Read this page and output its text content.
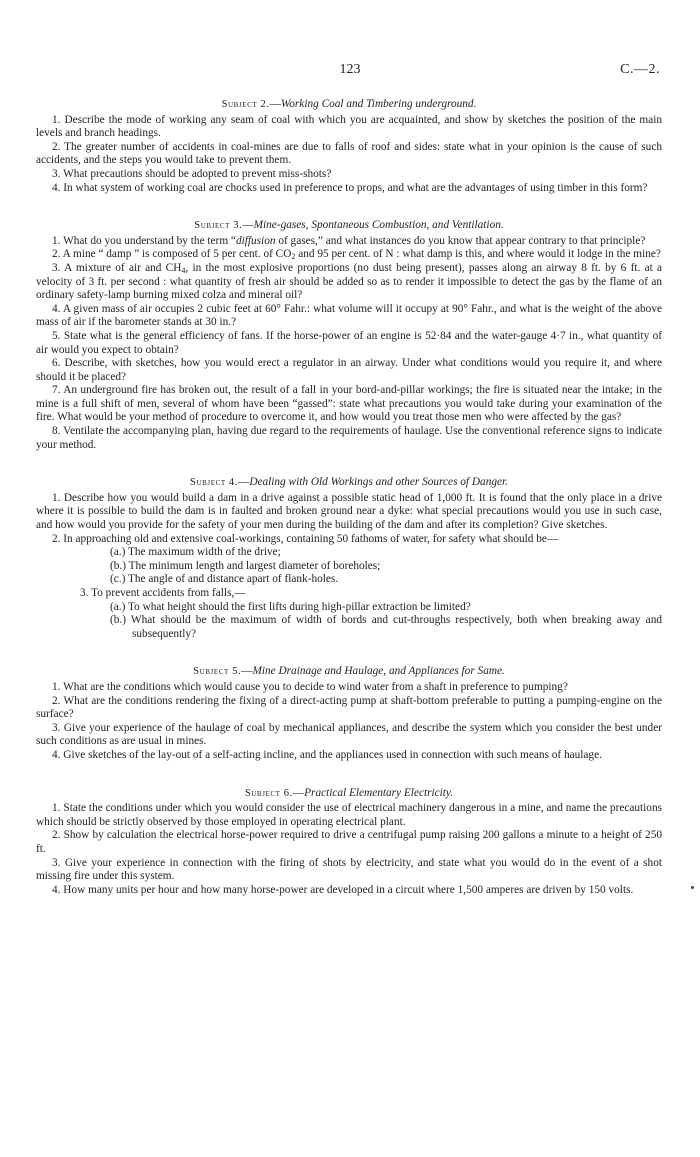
123	C.—2.
Subject 2.—Working Coal and Timbering underground.

1. Describe the mode of working any seam of coal with which you are acquainted, and show by sketches the position of the main levels and branch headings.

2. The greater number of accidents in coal-mines are due to falls of roof and sides: state what in your opinion is the cause of such accidents, and the steps you would take to prevent them.

3. What precautions should be adopted to prevent miss-shots?

4. In what system of working coal are chocks used in preference to props, and what are the advantages of using timber in this form?

Subject 3.—Mine-gases, Spontaneous Combustion, and Ventilation.

1. What do you understand by the term “diffusion of gases,” and what instances do you know that appear contrary to that principle?

2. A mine “ damp ” is composed of 5 per cent. of $CO_2$ and 95 per cent. of N : what damp is this, and where would it lodge in the mine?

3. A mixture of air and $CH_4$, in the most explosive proportions (no dust being present), passes along an airway 8 ft. by 6 ft. at a velocity of 3 ft. per second : what quantity of fresh air should be added so as to render it impossible to detect the gas by the flame of an ordinary safety-lamp burning mixed colza and mineral oil?

4. A given mass of air occupies 2 cubic feet at 60° Fahr.: what volume will it occupy at 90° Fahr., and what is the weight of the above mass of air if the barometer stands at 30 in.?

5. State what is the general efficiency of fans. If the horse-power of an engine is 52·84 and the water-gauge 4·7 in., what quantity of air would you expect to obtain?

6. Describe, with sketches, how you would erect a regulator in an airway. Under what conditions would you require it, and where should it be placed?

7. An underground fire has broken out, the result of a fall in your bord-and-pillar workings; the fire is situated near the intake; in the mine is a full shift of men, several of whom have been “gassed”: state what precautions you would take during your examination of the fire. What would be your method of procedure to overcome it, and how would you treat those men who were affected by the gas?

8. Ventilate the accompanying plan, having due regard to the requirements of haulage. Use the conventional reference signs to indicate your method.

Subject 4.—Dealing with Old Workings and other Sources of Danger.

1. Describe how you would build a dam in a drive against a possible static head of 1,000 ft. It is found that the only place in a drive where it is possible to build the dam is in faulted and broken ground near a dyke: what special precautions would you use in such case, and how would you provide for the safety of your men during the building of the dam and after its completion? Give sketches.

2. In approaching old and extensive coal-workings, containing 50 fathoms of water, for safety what should be—

(a.) The maximum width of the drive;

(b.) The minimum length and largest diameter of boreholes;

(c.) The angle of and distance apart of flank-holes.

3. To prevent accidents from falls,—

(a.) To what height should the first lifts during high-pillar extraction be limited?

(b.) What should be the maximum of width of bords and cut-throughs respectively, both when breaking away and subsequently?

Subject 5.—Mine Drainage and Haulage, and Appliances for Same.

1. What are the conditions which would cause you to decide to wind water from a shaft in preference to pumping?

2. What are the conditions rendering the fixing of a direct-acting pump at shaft-bottom preferable to putting a pumping-engine on the surface?

3. Give your experience of the haulage of coal by mechanical appliances, and describe the system which you consider the best under such conditions as are usual in mines.

4. Give sketches of the lay-out of a self-acting incline, and the appliances used in connection with such means of haulage.

Subject 6.—Practical Elementary Electricity.

1. State the conditions under which you would consider the use of electrical machinery dangerous in a mine, and name the precautions which should be strictly observed by those employed in operating electrical plant.

2. Show by calculation the electrical horse-power required to drive a centrifugal pump raising 200 gallons a minute to a height of 250 ft.

3. Give your experience in connection with the firing of shots by electricity, and state what you would do in the event of a shot missing fire under this system.

4. How many units per hour and how many horse-power are developed in a circuit where 1,500 amperes are driven by 150 volts.
